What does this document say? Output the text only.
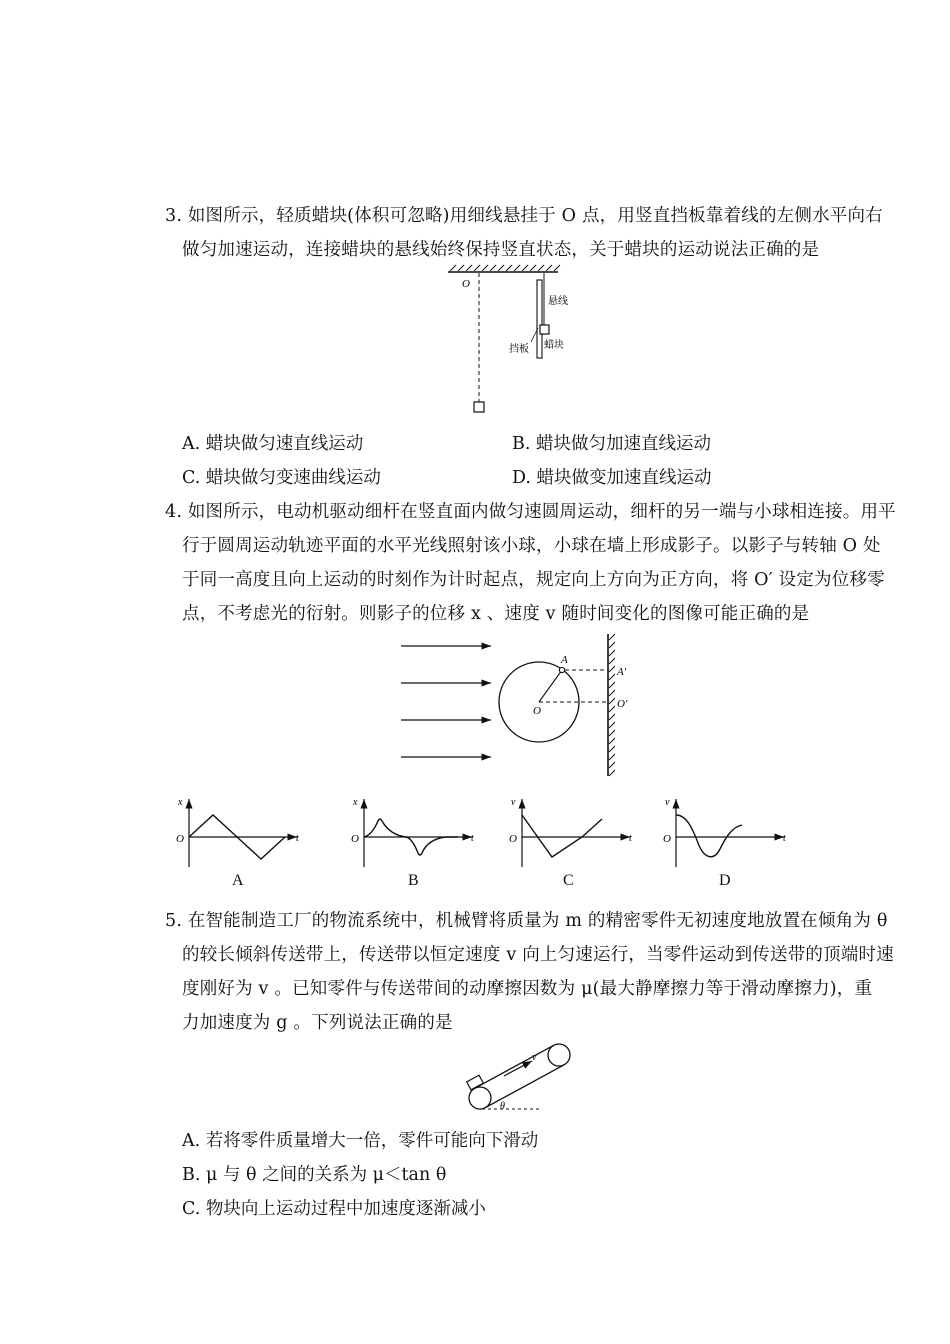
3. 如图所示，轻质蜡块(体积可忽略)用细线悬挂于 O 点，用竖直挡板靠着线的左侧水平向右
做匀加速运动，连接蜡块的悬线始终保持竖直状态，关于蜡块的运动说法正确的是
O
悬线
挡板 蜡块
A. 蜡块做匀速直线运动	B. 蜡块做匀加速直线运动
C. 蜡块做匀变速曲线运动	D. 蜡块做变加速直线运动
4. 如图所示，电动机驱动细杆在竖直面内做匀速圆周运动，细杆的另一端与小球相连接。用平
行于圆周运动轨迹平面的水平光线照射该小球，小球在墙上形成影子。以影子与转轴 O 处
于同一高度且向上运动的时刻作为计时起点，规定向上方向为正方向，将 O′ 设定为位移零
点，不考虑光的衍射。则影子的位移 x 、速度 v 随时间变化的图像可能正确的是
O
A
A′
O′
x
t
O
A
x
t
O
B
v
t
O
C
v
t
O
D
5. 在智能制造工厂的物流系统中，机械臂将质量为 m 的精密零件无初速度地放置在倾角为 θ
的较长倾斜传送带上，传送带以恒定速度 v 向上匀速运行，当零件运动到传送带的顶端时速
度刚好为 v 。已知零件与传送带间的动摩擦因数为 μ(最大静摩擦力等于滑动摩擦力)，重
力加速度为 g 。下列说法正确的是
v
θ
A. 若将零件质量增大一倍，零件可能向下滑动
B. μ 与 θ 之间的关系为 μ＜tan θ
C. 物块向上运动过程中加速度逐渐减小
